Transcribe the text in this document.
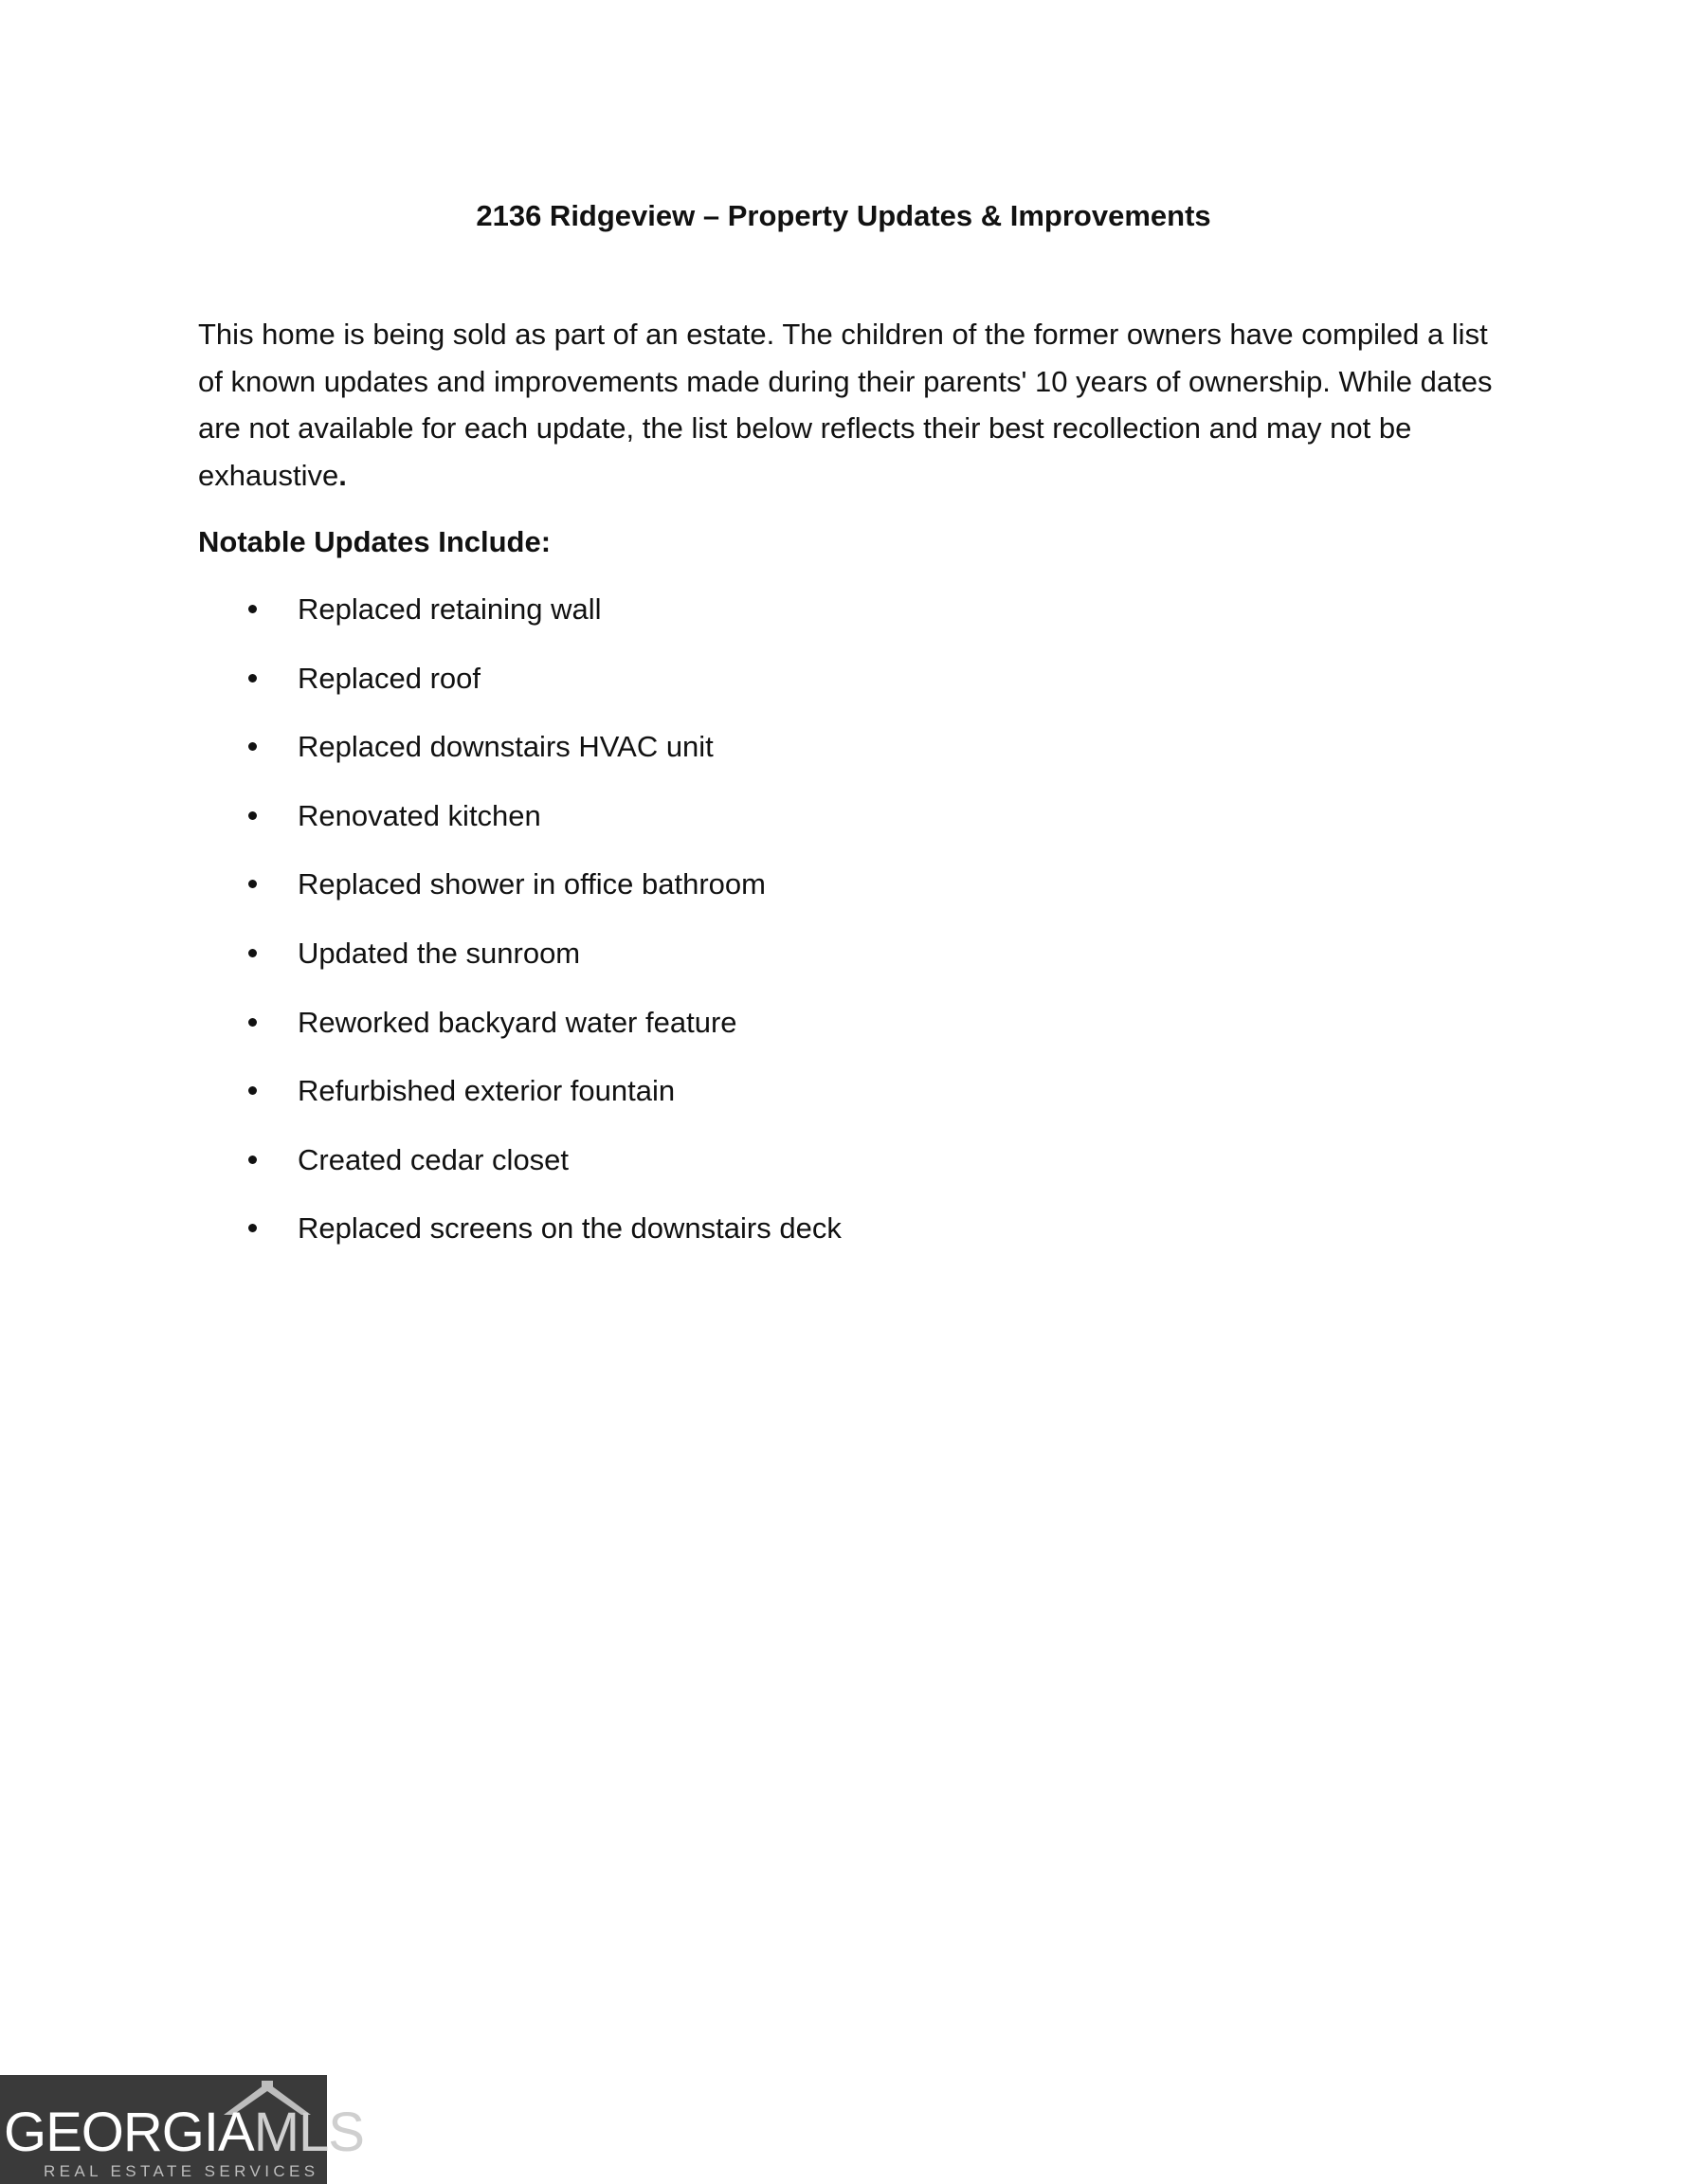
2136 Ridgeview – Property Updates & Improvements

This home is being sold as part of an estate. The children of the former owners have compiled a list of known updates and improvements made during their parents' 10 years of ownership. While dates are not available for each update, the list below reflects their best recollection and may not be exhaustive.

Notable Updates Include:
Replaced retaining wall
Replaced roof
Replaced downstairs HVAC unit
Renovated kitchen
Replaced shower in office bathroom
Updated the sunroom
Reworked backyard water feature
Refurbished exterior fountain
Created cedar closet
Replaced screens on the downstairs deck
GEORGIAMLS
REAL ESTATE SERVICES
